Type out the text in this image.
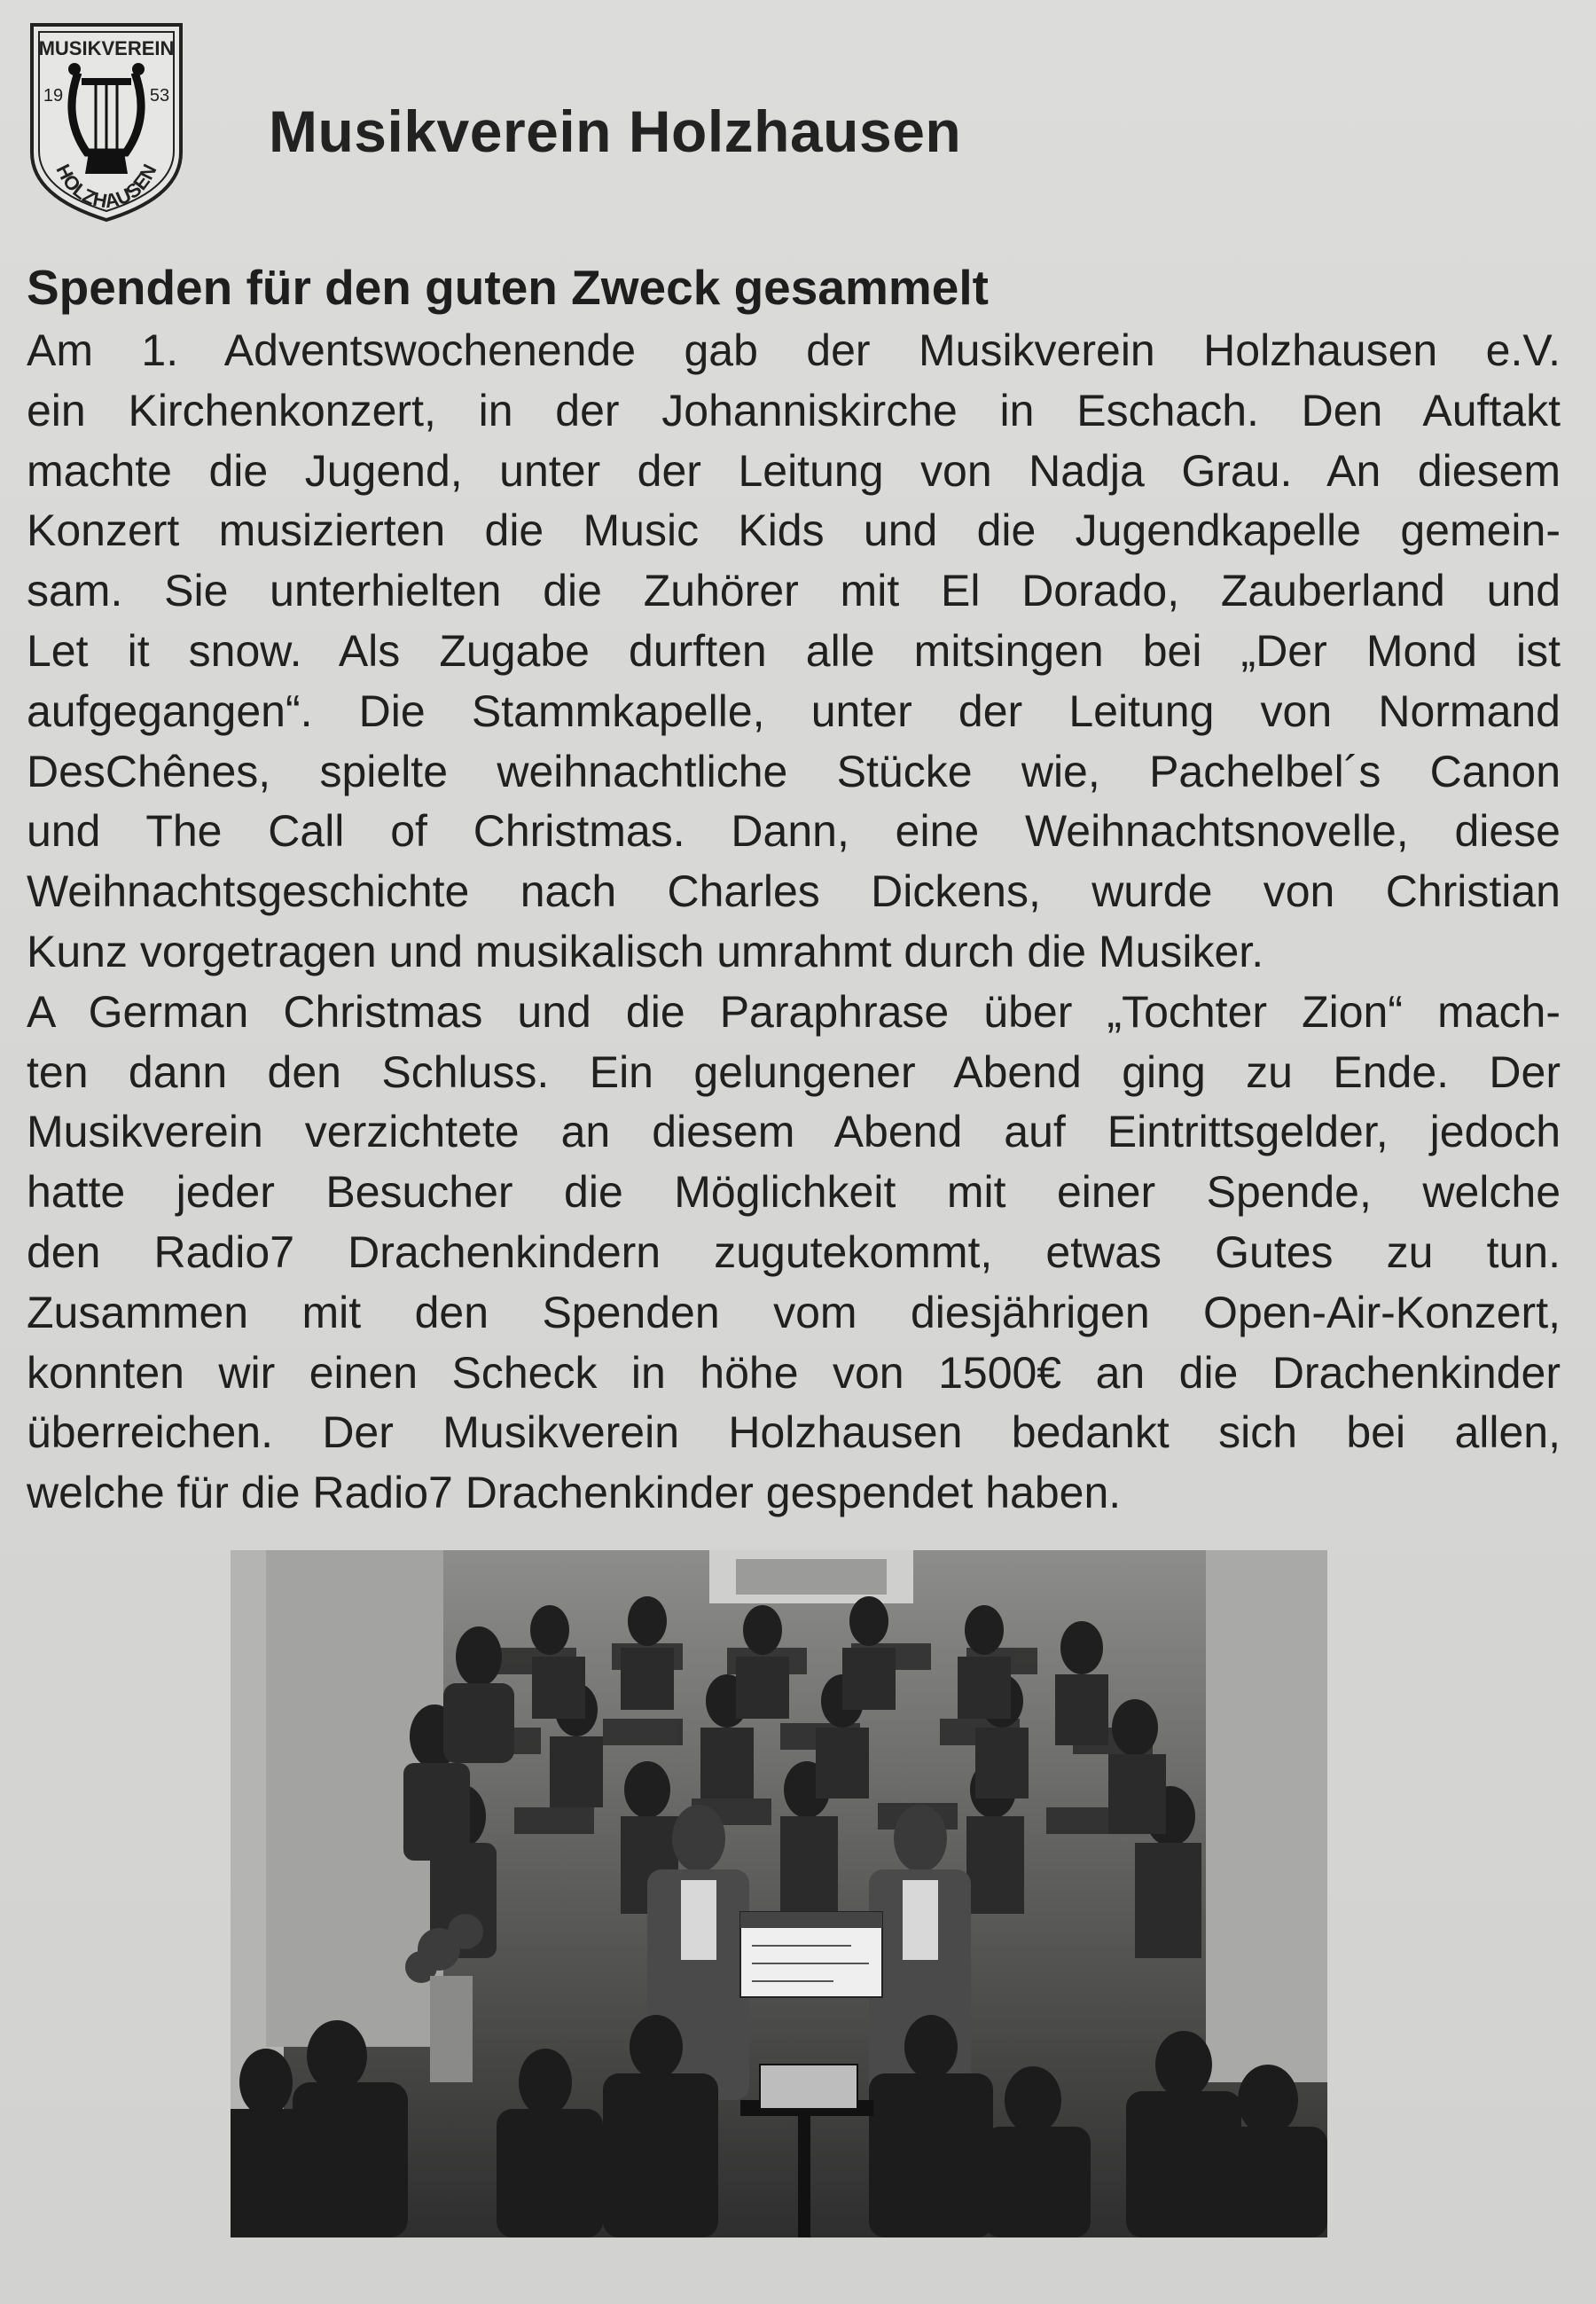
MUSIKVEREIN
19	53
HOLZHAUSEN
Musikverein Holzhausen
Spenden für den guten Zweck gesammelt
Am 1. Adventswochenende gab der Musikverein Holzhausen e.V.
ein Kirchenkonzert, in der Johanniskirche in Eschach. Den Auftakt
machte die Jugend, unter der Leitung von Nadja Grau. An diesem
Konzert musizierten die Music Kids und die Jugendkapelle gemein-
sam. Sie unterhielten die Zuhörer mit El Dorado, Zauberland und
Let it snow. Als Zugabe durften alle mitsingen bei „Der Mond ist
aufgegangen“. Die Stammkapelle, unter der Leitung von Normand
DesChênes, spielte weihnachtliche Stücke wie, Pachelbel´s Canon
und The Call of Christmas. Dann, eine Weihnachtsnovelle, diese
Weihnachtsgeschichte nach Charles Dickens, wurde von Christian
Kunz vorgetragen und musikalisch umrahmt durch die Musiker.
A German Christmas und die Paraphrase über „Tochter Zion“ mach-
ten dann den Schluss. Ein gelungener Abend ging zu Ende. Der
Musikverein verzichtete an diesem Abend auf Eintrittsgelder, jedoch
hatte jeder Besucher die Möglichkeit mit einer Spende, welche
den Radio7 Drachenkindern zugutekommt, etwas Gutes zu tun.
Zusammen mit den Spenden vom diesjährigen Open-Air-Konzert,
konnten wir einen Scheck in höhe von 1500€ an die Drachenkinder
überreichen. Der Musikverein Holzhausen bedankt sich bei allen,
welche für die Radio7 Drachenkinder gespendet haben.
